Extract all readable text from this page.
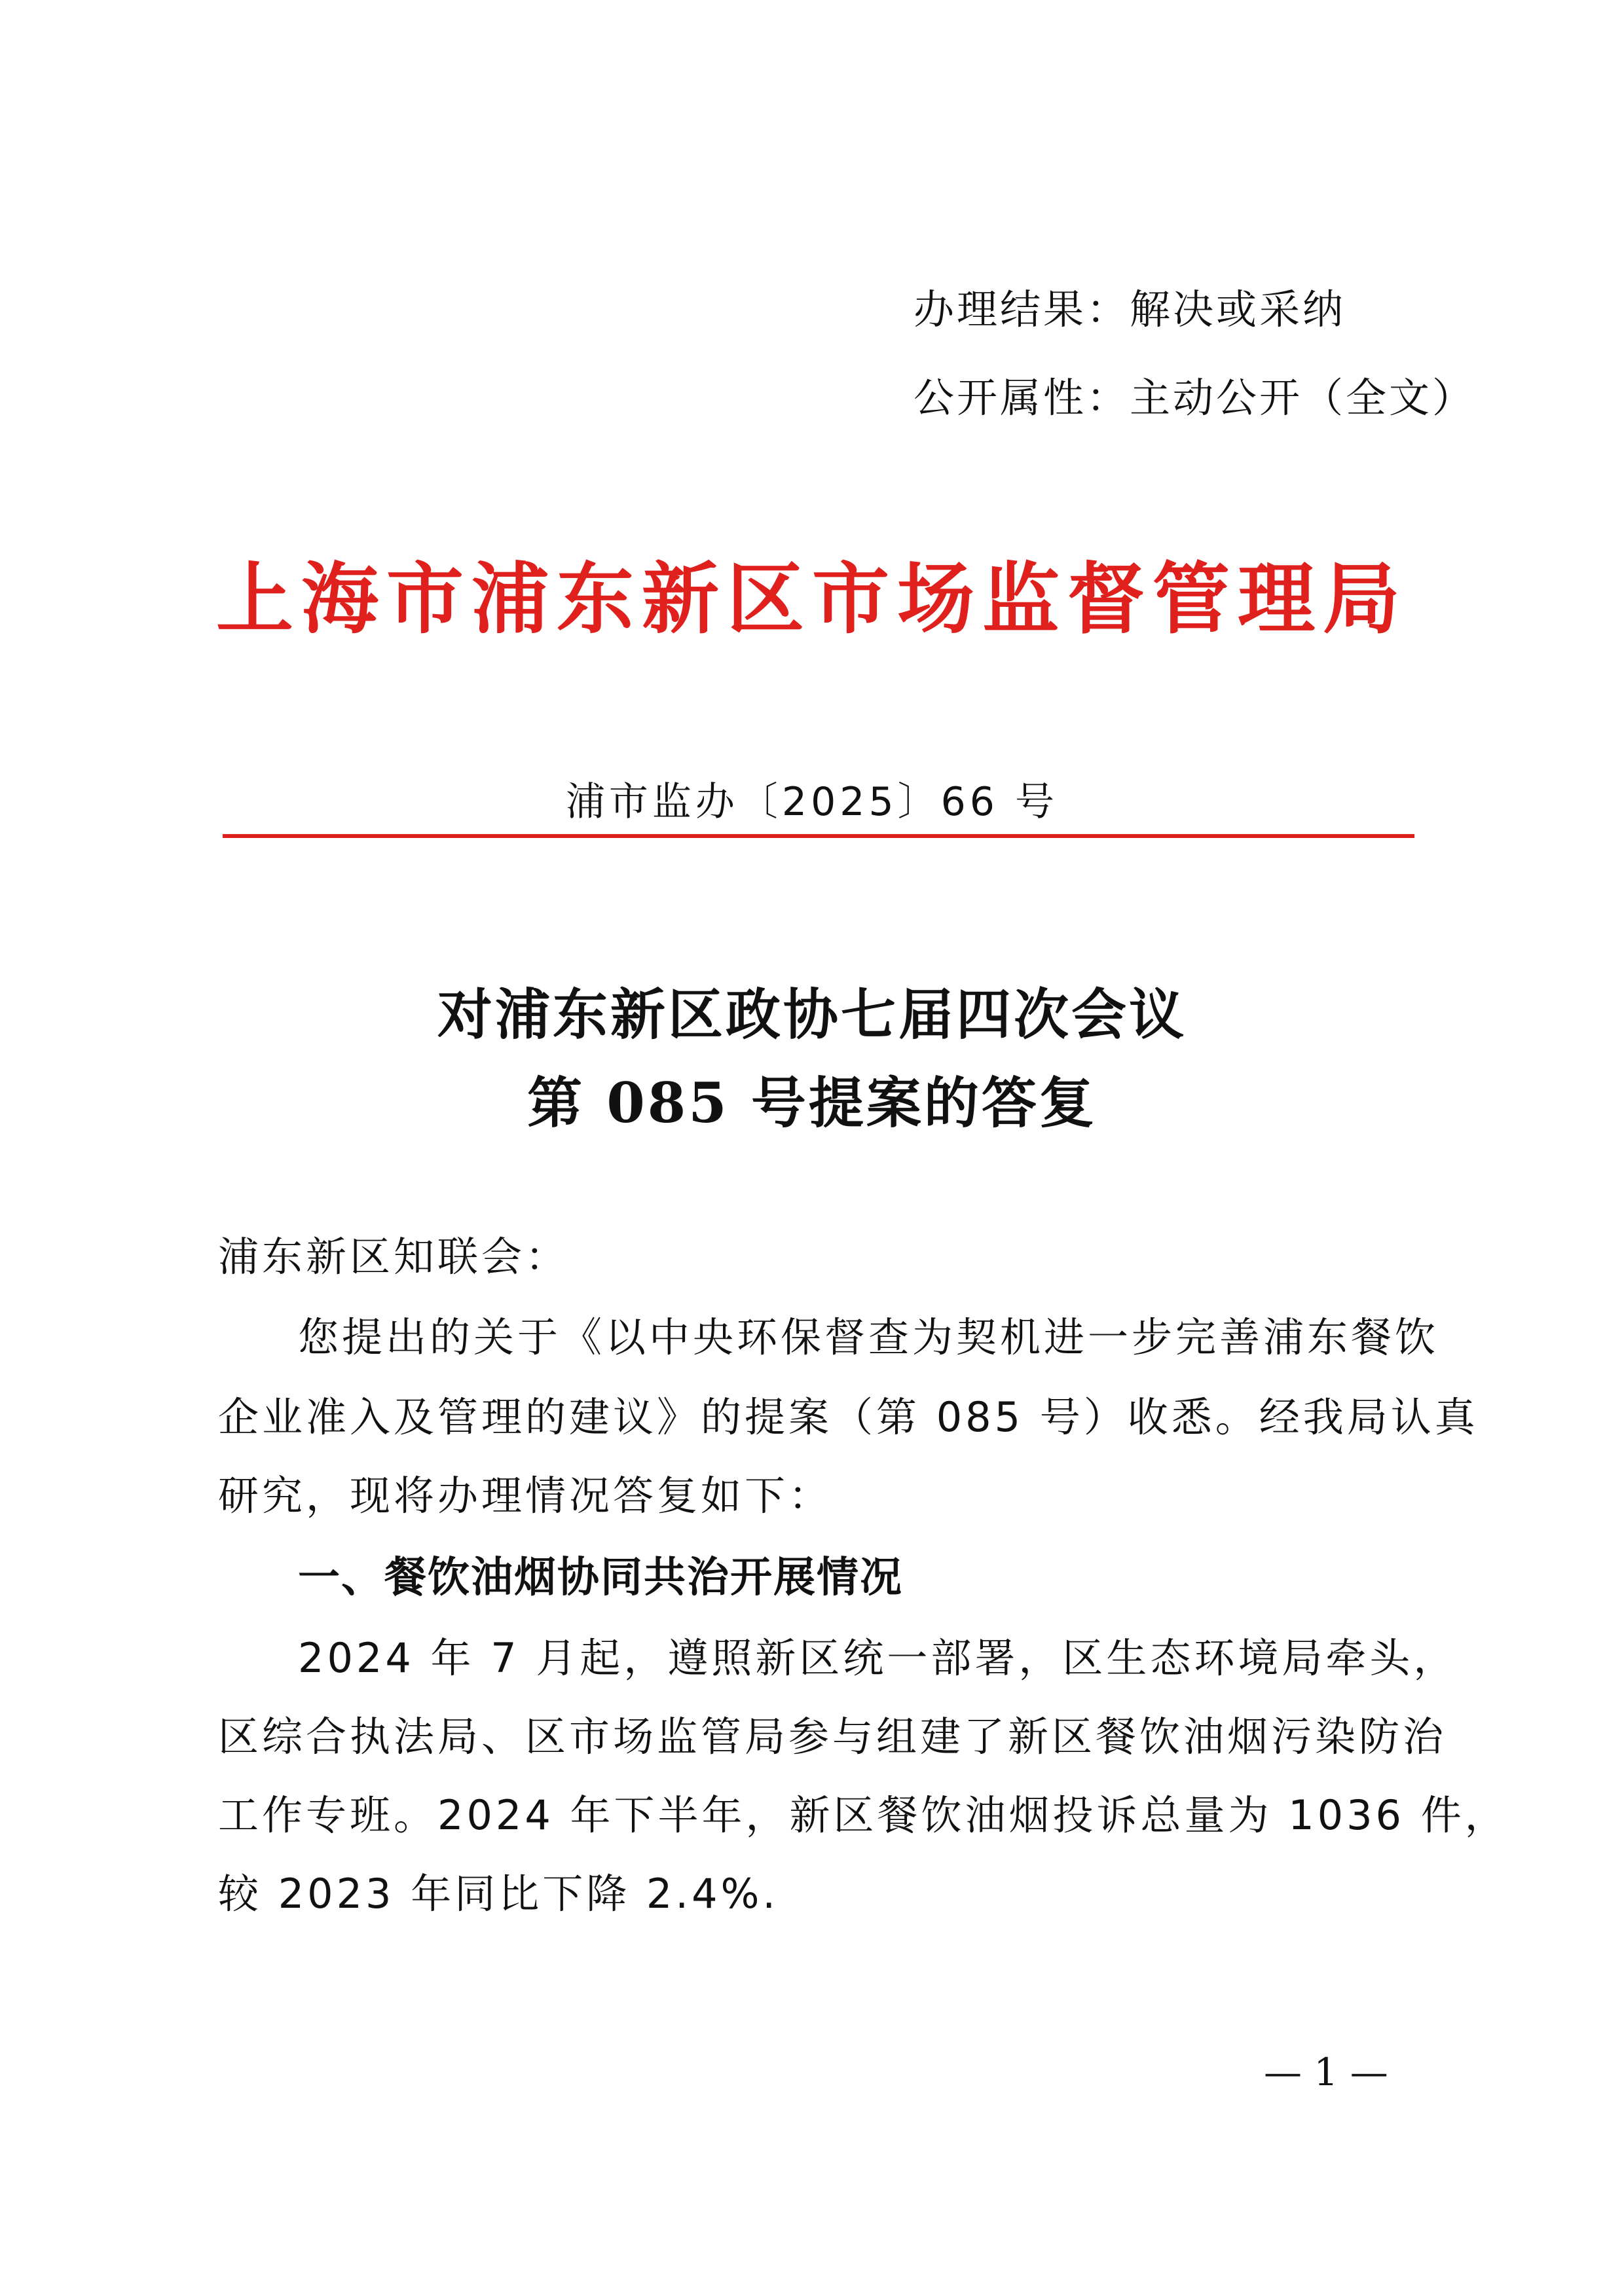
办理结果：解决或采纳
公开属性：主动公开（全文）
上海市浦东新区市场监督管理局
浦市监办〔2025〕66 号
对浦东新区政协七届四次会议
第 085 号提案的答复
浦东新区知联会：
您提出的关于《以中央环保督查为契机进一步完善浦东餐饮
企业准入及管理的建议》的提案（第 085 号）收悉。经我局认真
研究，现将办理情况答复如下：
一、餐饮油烟协同共治开展情况
2024 年 7 月起，遵照新区统一部署，区生态环境局牵头，
区综合执法局、区市场监管局参与组建了新区餐饮油烟污染防治
工作专班。2024 年下半年，新区餐饮油烟投诉总量为 1036 件，
较 2023 年同比下降 2.4%.
— 1 —
